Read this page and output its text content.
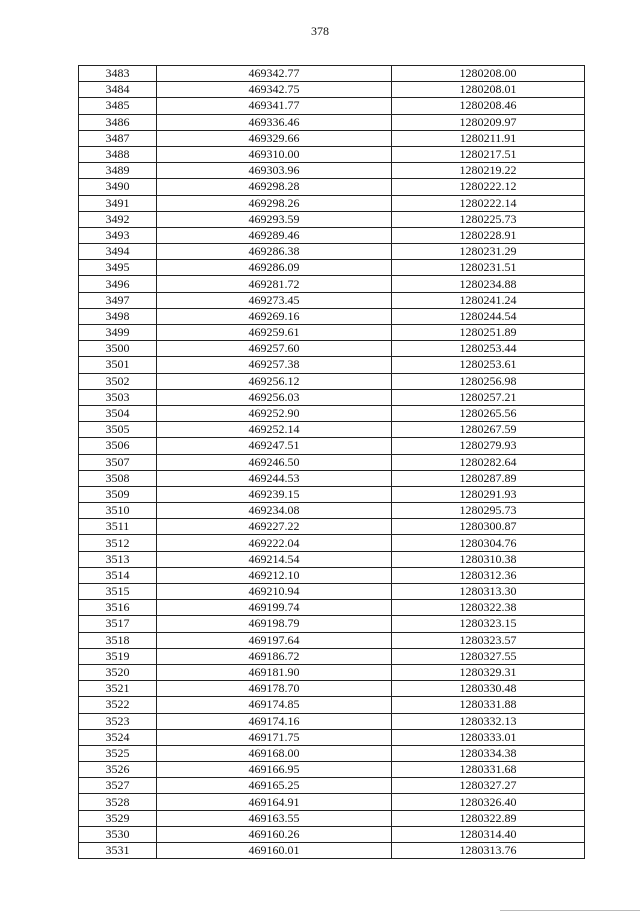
378
3483	469342.77	1280208.00
3484	469342.75	1280208.01
3485	469341.77	1280208.46
3486	469336.46	1280209.97
3487	469329.66	1280211.91
3488	469310.00	1280217.51
3489	469303.96	1280219.22
3490	469298.28	1280222.12
3491	469298.26	1280222.14
3492	469293.59	1280225.73
3493	469289.46	1280228.91
3494	469286.38	1280231.29
3495	469286.09	1280231.51
3496	469281.72	1280234.88
3497	469273.45	1280241.24
3498	469269.16	1280244.54
3499	469259.61	1280251.89
3500	469257.60	1280253.44
3501	469257.38	1280253.61
3502	469256.12	1280256.98
3503	469256.03	1280257.21
3504	469252.90	1280265.56
3505	469252.14	1280267.59
3506	469247.51	1280279.93
3507	469246.50	1280282.64
3508	469244.53	1280287.89
3509	469239.15	1280291.93
3510	469234.08	1280295.73
3511	469227.22	1280300.87
3512	469222.04	1280304.76
3513	469214.54	1280310.38
3514	469212.10	1280312.36
3515	469210.94	1280313.30
3516	469199.74	1280322.38
3517	469198.79	1280323.15
3518	469197.64	1280323.57
3519	469186.72	1280327.55
3520	469181.90	1280329.31
3521	469178.70	1280330.48
3522	469174.85	1280331.88
3523	469174.16	1280332.13
3524	469171.75	1280333.01
3525	469168.00	1280334.38
3526	469166.95	1280331.68
3527	469165.25	1280327.27
3528	469164.91	1280326.40
3529	469163.55	1280322.89
3530	469160.26	1280314.40
3531	469160.01	1280313.76
